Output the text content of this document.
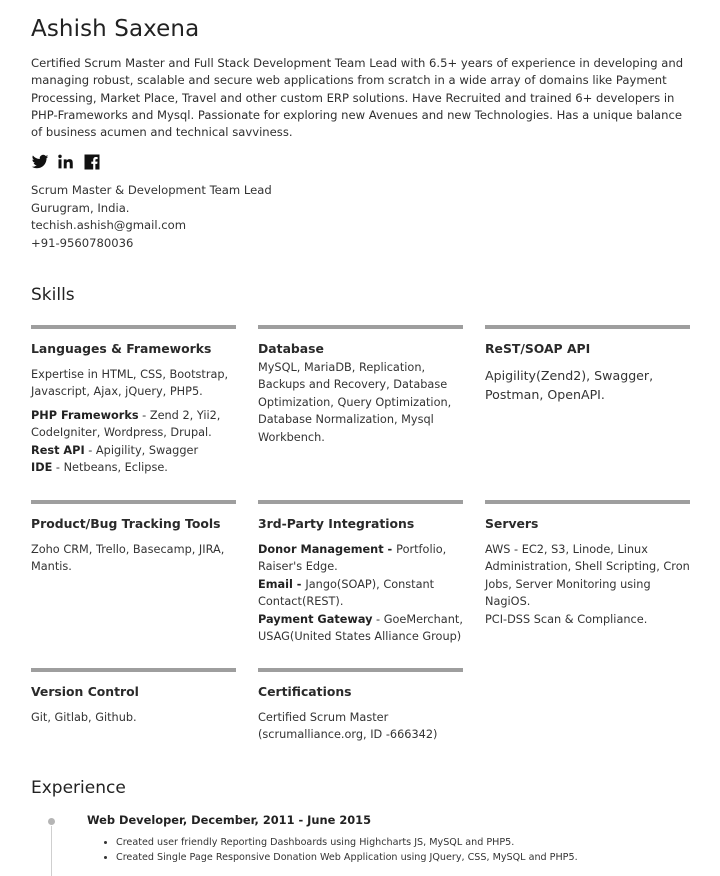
Ashish Saxena

Certified Scrum Master and Full Stack Development Team Lead with 6.5+ years of experience in developing and managing robust, scalable and secure web applications from scratch in a wide array of domains like Payment Processing, Market Place, Travel and other custom ERP solutions. Have Recruited and trained 6+ developers in PHP-Frameworks and Mysql. Passionate for exploring new Avenues and new Technologies. Has a unique balance of business acumen and technical savviness.

Scrum Master & Development Team Lead
Gurugram, India.
techish.ashish@gmail.com
+91-9560780036
Skills
Languages & Frameworks

Expertise in HTML, CSS, Bootstrap, Javascript, Ajax, jQuery, PHP5.

PHP Frameworks - Zend 2, Yii2, CodeIgniter, Wordpress, Drupal.
Rest API - Apigility, Swagger
IDE - Netbeans, Eclipse.

Database
MySQL, MariaDB, Replication, Backups and Recovery, Database Optimization, Query Optimization, Database Normalization, Mysql Workbench.
ReST/SOAP API
Apigility(Zend2), Swagger, Postman, OpenAPI.
Product/Bug Tracking Tools
Zoho CRM, Trello, Basecamp, JIRA, Mantis.
3rd-Party Integrations

Donor Management - Portfolio, Raiser's Edge.

Email - Jango(SOAP), Constant Contact(REST).

Payment Gateway - GoeMerchant, USAG(United States Alliance Group)

Servers

AWS - EC2, S3, Linode, Linux Administration, Shell Scripting, Cron Jobs, Server Monitoring using NagiOS.

PCI-DSS Scan & Compliance.

Version Control
Git, Gitlab, Github.
Certifications
Certified Scrum Master (scrumalliance.org, ID -666342)
Experience
Web Developer, December, 2011 - June 2015
• Created user friendly Reporting Dashboards using Highcharts JS, MySQL and PHP5.
• Created Single Page Responsive Donation Web Application using JQuery, CSS, MySQL and PHP5.
